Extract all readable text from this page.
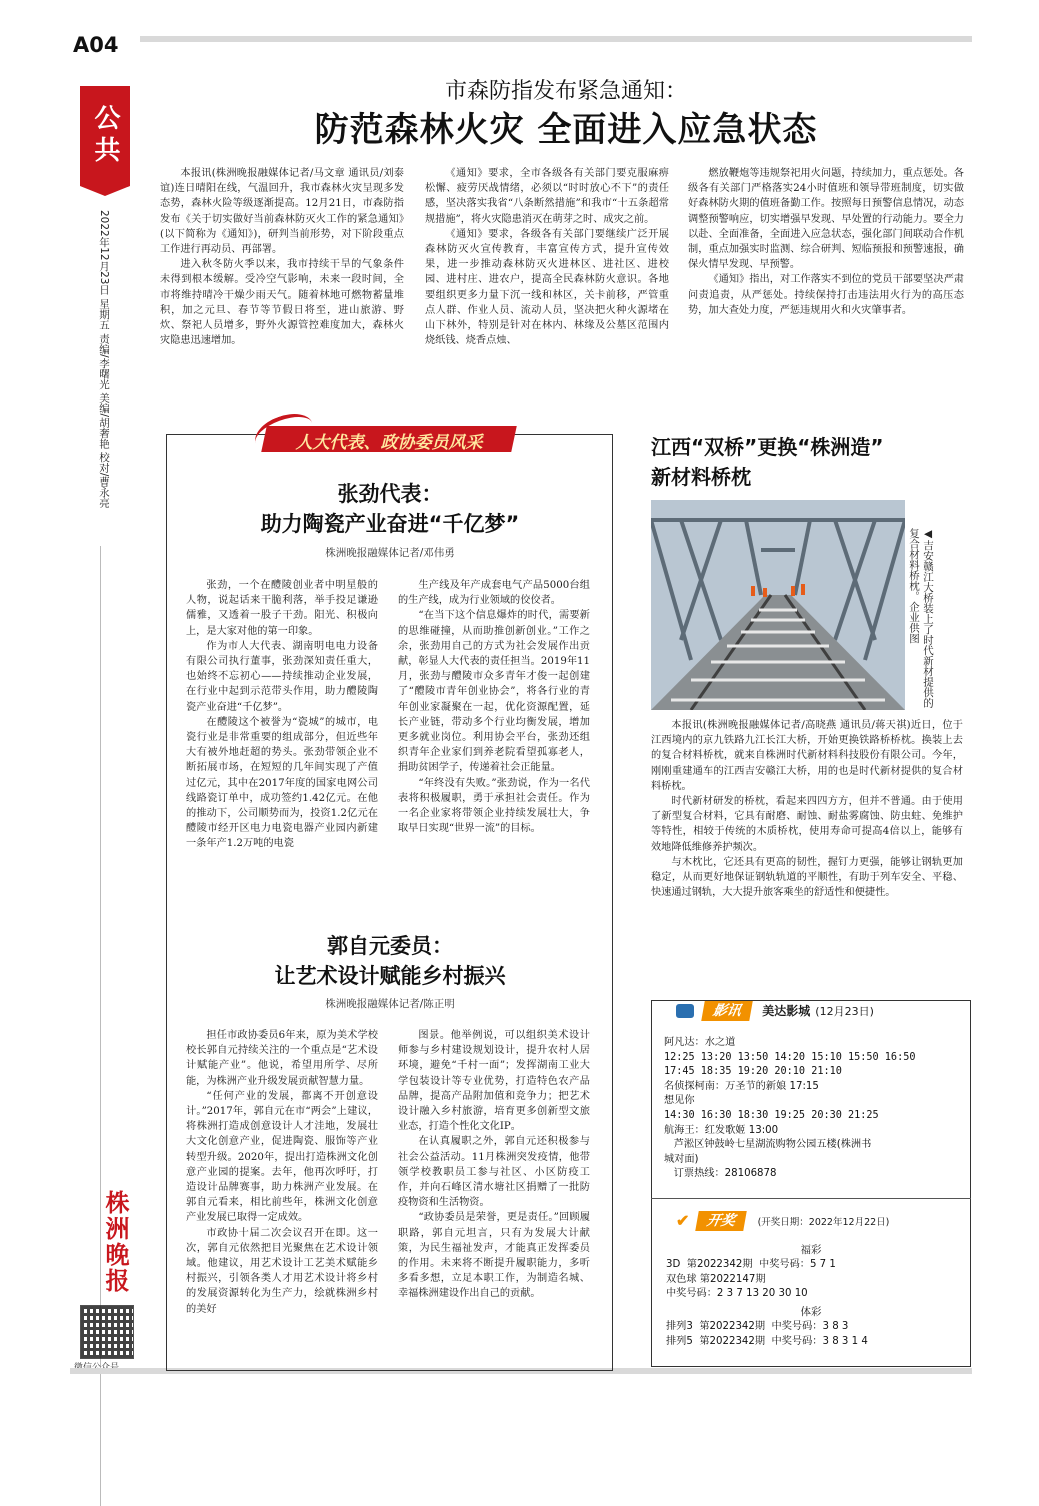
A04
公共
2022年12月23日 星期五 责编/李曙光 美编/胡奢艳 校对/曹永亮
株洲晚报
市森防指发布紧急通知：
防范森林火灾 全面进入应急状态

本报讯(株洲晚报融媒体记者/马文章 通讯员/刘泰谊)连日晴阳在线，气温回升，我市森林火灾呈现多发态势，森林火险等级逐渐提高。12月21日，市森防指发布《关于切实做好当前森林防灭火工作的紧急通知》(以下简称为《通知》)，研判当前形势，对下阶段重点工作进行再动员、再部署。

进入秋冬防火季以来，我市持续干旱的气象条件未得到根本缓解。受冷空气影响，未来一段时间，全市将维持晴冷干燥少雨天气。随着林地可燃物蓄量堆积，加之元旦、春节等节假日将至，进山旅游、野炊、祭祀人员增多，野外火源管控难度加大，森林火灾隐患迅速增加。

《通知》要求，全市各级各有关部门要克服麻痹松懈、疲劳厌战情绪，必须以“时时放心不下”的责任感，坚决落实我省“八条断然措施”和我市“十五条超常规措施”，将火灾隐患消灭在萌芽之时、成灾之前。

《通知》要求，各级各有关部门要继续广泛开展森林防灭火宣传教育，丰富宣传方式，提升宣传效果，进一步推动森林防灭火进林区、进社区、进校园、进村庄、进农户，提高全民森林防火意识。各地要组织更多力量下沉一线和林区，关卡前移，严管重点人群、作业人员、流动人员，坚决把火种火源堵在山下林外，特别是针对在林内、林缘及公墓区范围内烧纸钱、烧香点烛、

燃放鞭炮等违规祭祀用火问题，持续加力，重点惩处。各级各有关部门严格落实24小时值班和领导带班制度，切实做好森林防火期的值班备勤工作。按照每日预警信息情况，动态调整预警响应，切实增强早发现、早处置的行动能力。要全力以赴、全面准备，全面进入应急状态，强化部门间联动合作机制，重点加强实时监测、综合研判、短临预报和预警速报，确保火情早发现、早预警。

《通知》指出，对工作落实不到位的党员干部要坚决严肃问责追责，从严惩处。持续保持打击违法用火行为的高压态势，加大查处力度，严惩违规用火和火灾肇事者。

人大代表、政协委员风采
张劲代表：
助力陶瓷产业奋进“千亿梦”
株洲晚报融媒体记者/邓伟勇

张劲，一个在醴陵创业者中明星般的人物，说起话来干脆利落，举手投足谦逊儒雅，又透着一股子干劲。阳光、积极向上，是大家对他的第一印象。

作为市人大代表、湖南明电电力设备有限公司执行董事，张劲深知责任重大，也始终不忘初心——持续推动企业发展，在行业中起到示范带头作用，助力醴陵陶瓷产业奋进“千亿梦”。

在醴陵这个被誉为“瓷城”的城市，电瓷行业是非常重要的组成部分，但近些年大有被外地赶超的势头。张劲带领企业不断拓展市场，在短短的几年间实现了产值过亿元，其中在2017年度的国家电网公司线路瓷订单中，成功签约1.42亿元。在他的推动下，公司顺势而为，投资1.2亿元在醴陵市经开区电力电瓷电器产业园内新建一条年产1.2万吨的电瓷

生产线及年产成套电气产品5000台组的生产线，成为行业领域的佼佼者。

“在当下这个信息爆炸的时代，需要新的思维碰撞，从而助推创新创业。”工作之余，张劲用自己的方式为社会发展作出贡献，彰显人大代表的责任担当。2019年11月，张劲与醴陵市众多青年才俊一起创建了“醴陵市青年创业协会”，将各行业的青年创业家凝聚在一起，优化资源配置，延长产业链，带动多个行业均衡发展，增加更多就业岗位。利用协会平台，张劲还组织青年企业家们到养老院看望孤寡老人，捐助贫困学子，传递着社会正能量。

“年终没有失败。”张劲说，作为一名代表将积极履职，勇于承担社会责任。作为一名企业家将带领企业持续发展壮大，争取早日实现“世界一流”的目标。

郭自元委员：
让艺术设计赋能乡村振兴
株洲晚报融媒体记者/陈正明

担任市政协委员6年来，原为美术学校校长郭自元持续关注的一个重点是“艺术设计赋能产业”。他说，希望用所学、尽所能，为株洲产业升级发展贡献智慧力量。

“任何产业的发展，都离不开创意设计。”2017年，郭自元在市“两会”上建议，将株洲打造成创意设计人才洼地，发展壮大文化创意产业，促进陶瓷、服饰等产业转型升级。2020年，提出打造株洲文化创意产业园的提案。去年，他再次呼吁，打造设计品牌赛事，助力株洲产业发展。在郭自元看来，相比前些年，株洲文化创意产业发展已取得一定成效。

市政协十届二次会议召开在即。这一次，郭自元依然把目光聚焦在艺术设计领域。他建议，用艺术设计工艺美术赋能乡村振兴，引领各类人才用艺术设计将乡村的发展资源转化为生产力，绘就株洲乡村的美好

图景。他举例说，可以组织美术设计师参与乡村建设规划设计，提升农村人居环境，避免“千村一面”；发挥湖南工业大学包装设计等专业优势，打造特色农产品品牌，提高产品附加值和竞争力；把艺术设计融入乡村旅游，培育更多创新型文旅业态，打造个性化文化IP。

在认真履职之外，郭自元还积极参与社会公益活动。11月株洲突发疫情，他带领学校教职员工参与社区、小区防疫工作，并向石峰区清水塘社区捐赠了一批防疫物资和生活物资。

“政协委员是荣誉，更是责任。”回顾履职路，郭自元坦言，只有为发展大计献策，为民生福祉发声，才能真正发挥委员的作用。未来将不断提升履职能力，多听多看多想，立足本职工作，为制造名城、幸福株洲建设作出自己的贡献。

江西“双桥”更换“株洲造”
新材料桥枕
◀吉安赣江大桥装上了时代新材提供的复合材料桥枕。企业供图

本报讯(株洲晚报融媒体记者/高晓燕 通讯员/蒋天祺)近日，位于江西境内的京九铁路九江长江大桥，开始更换铁路桥桥枕。换装上去的复合材料桥枕，就来自株洲时代新材料科技股份有限公司。今年，刚刚重建通车的江西吉安赣江大桥，用的也是时代新材提供的复合材料桥枕。

时代新材研发的桥枕，看起来四四方方，但并不普通。由于使用了新型复合材料，它具有耐磨、耐蚀、耐盐雾腐蚀、防虫蛀、免维护等特性，相较于传统的木质桥枕，使用寿命可提高4倍以上，能够有效地降低维修养护频次。

与木枕比，它还具有更高的韧性，握钉力更强，能够让钢轨更加稳定，从而更好地保证钢轨轨道的平顺性，有助于列车安全、平稳、快速通过钢轨，大大提升旅客乘坐的舒适性和便捷性。

影讯 美达影城 (12月23日)
阿凡达：水之道
12:25 13:20 13:50 14:20 15:10 15:50 16:50
17:45 18:35 19:20 20:10 21:10
名侦探柯南：万圣节的新娘 17:15
想见你
14:30 16:30 18:30 19:25 20:30 21:25
航海王：红发歌姬 13:00
芦淞区钟鼓岭七星湖流购物公园五楼(株洲书
城对面)
订票热线：28106878
✔ 开奖 (开奖日期：2022年12月22日)
福彩
3D  第2022342期  中奖号码：5 7 1
双色球 第2022147期
中奖号码：2 3 7 13 20 30 10
体彩
排列3  第2022342期  中奖号码：3 8 3
排列5  第2022342期  中奖号码：3 8 3 1 4
